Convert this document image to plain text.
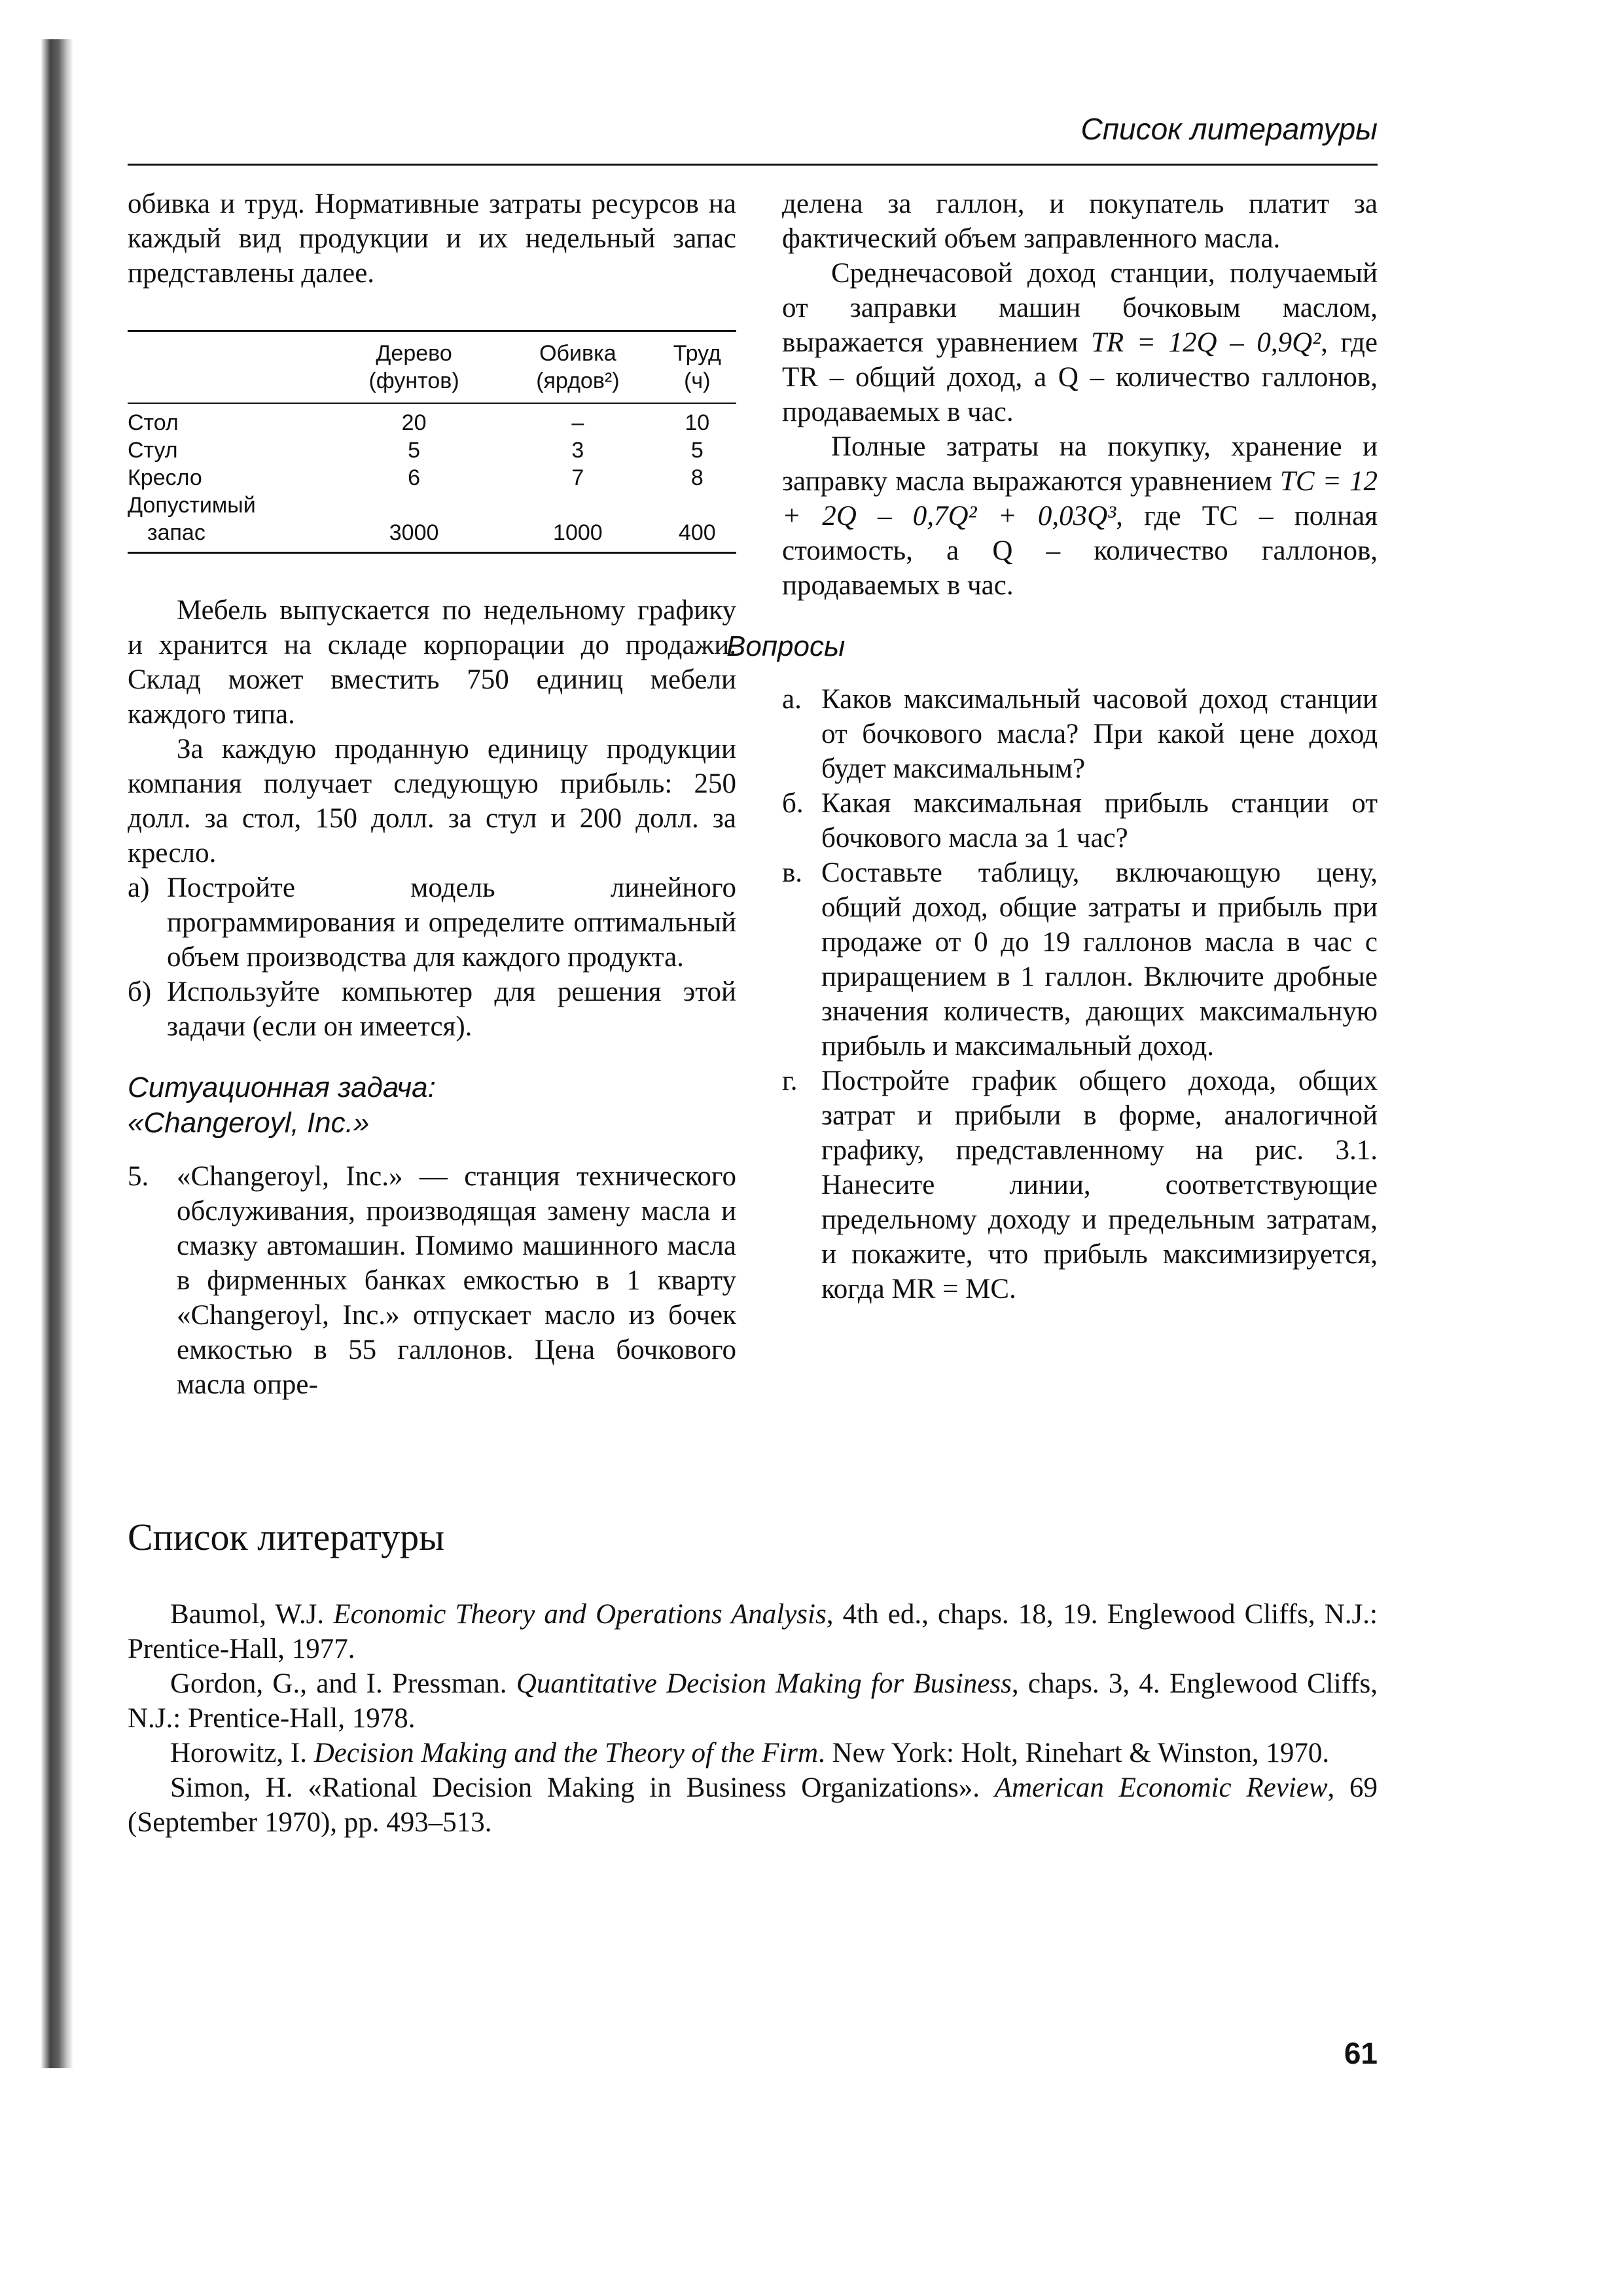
Список литературы

обивка и труд. Нормативные затраты ресурсов на каждый вид продукции и их недельный запас представлены далее.

	Дерево (фунтов)	Обивка (ярдов²)	Труд (ч)
Стол	20	–	10
Стул	5	3	5
Кресло	6	7	8
Допустимый			
запас	3000	1000	400

Мебель выпускается по недельному графику и хранится на складе корпорации до продажи. Склад может вместить 750 единиц мебели каждого типа.

За каждую проданную единицу продукции компания получает следующую прибыль: 250 долл. за стол, 150 долл. за стул и 200 долл. за кресло.

а) Постройте модель линейного программирования и определите оптимальный объем производства для каждого продукта.
б) Используйте компьютер для решения этой задачи (если он имеется).
Ситуационная задача:
«Changeroyl, Inc.»
5. «Changeroyl, Inc.» — станция технического обслуживания, производящая замену масла и смазку автомашин. Помимо машинного масла в фирменных банках емкостью в 1 кварту «Changeroyl, Inc.» отпускает масло из бочек емкостью в 55 галлонов. Цена бочкового масла опре-

делена за галлон, и покупатель платит за фактический объем заправленного масла.

Среднечасовой доход станции, получаемый от заправки машин бочковым маслом, выражается уравнением TR = 12Q – 0,9Q², где TR – общий доход, а Q – количество галлонов, продаваемых в час.

Полные затраты на покупку, хранение и заправку масла выражаются уравнением TC = 12 + 2Q – 0,7Q² + 0,03Q³, где TC – полная стоимость, а Q – количество галлонов, продаваемых в час.

Вопросы
а. Каков максимальный часовой доход станции от бочкового масла? При какой цене доход будет максимальным?
б. Какая максимальная прибыль станции от бочкового масла за 1 час?
в. Составьте таблицу, включающую цену, общий доход, общие затраты и прибыль при продаже от 0 до 19 галлонов масла в час с приращением в 1 галлон. Включите дробные значения количеств, дающих максимальную прибыль и максимальный доход.
г. Постройте график общего дохода, общих затрат и прибыли в форме, аналогичной графику, представленному на рис. 3.1. Нанесите линии, соответствующие предельному доходу и предельным затратам, и покажите, что прибыль максимизируется, когда MR = MC.
Список литературы

Baumol, W.J. Economic Theory and Operations Analysis, 4th ed., chaps. 18, 19. Englewood Cliffs, N.J.: Prentice-Hall, 1977.

Gordon, G., and I. Pressman. Quantitative Decision Making for Business, chaps. 3, 4. Englewood Cliffs, N.J.: Prentice-Hall, 1978.

Horowitz, I. Decision Making and the Theory of the Firm. New York: Holt, Rinehart & Winston, 1970.

Simon, H. «Rational Decision Making in Business Organizations». American Economic Review, 69 (September 1970), pp. 493–513.

61
